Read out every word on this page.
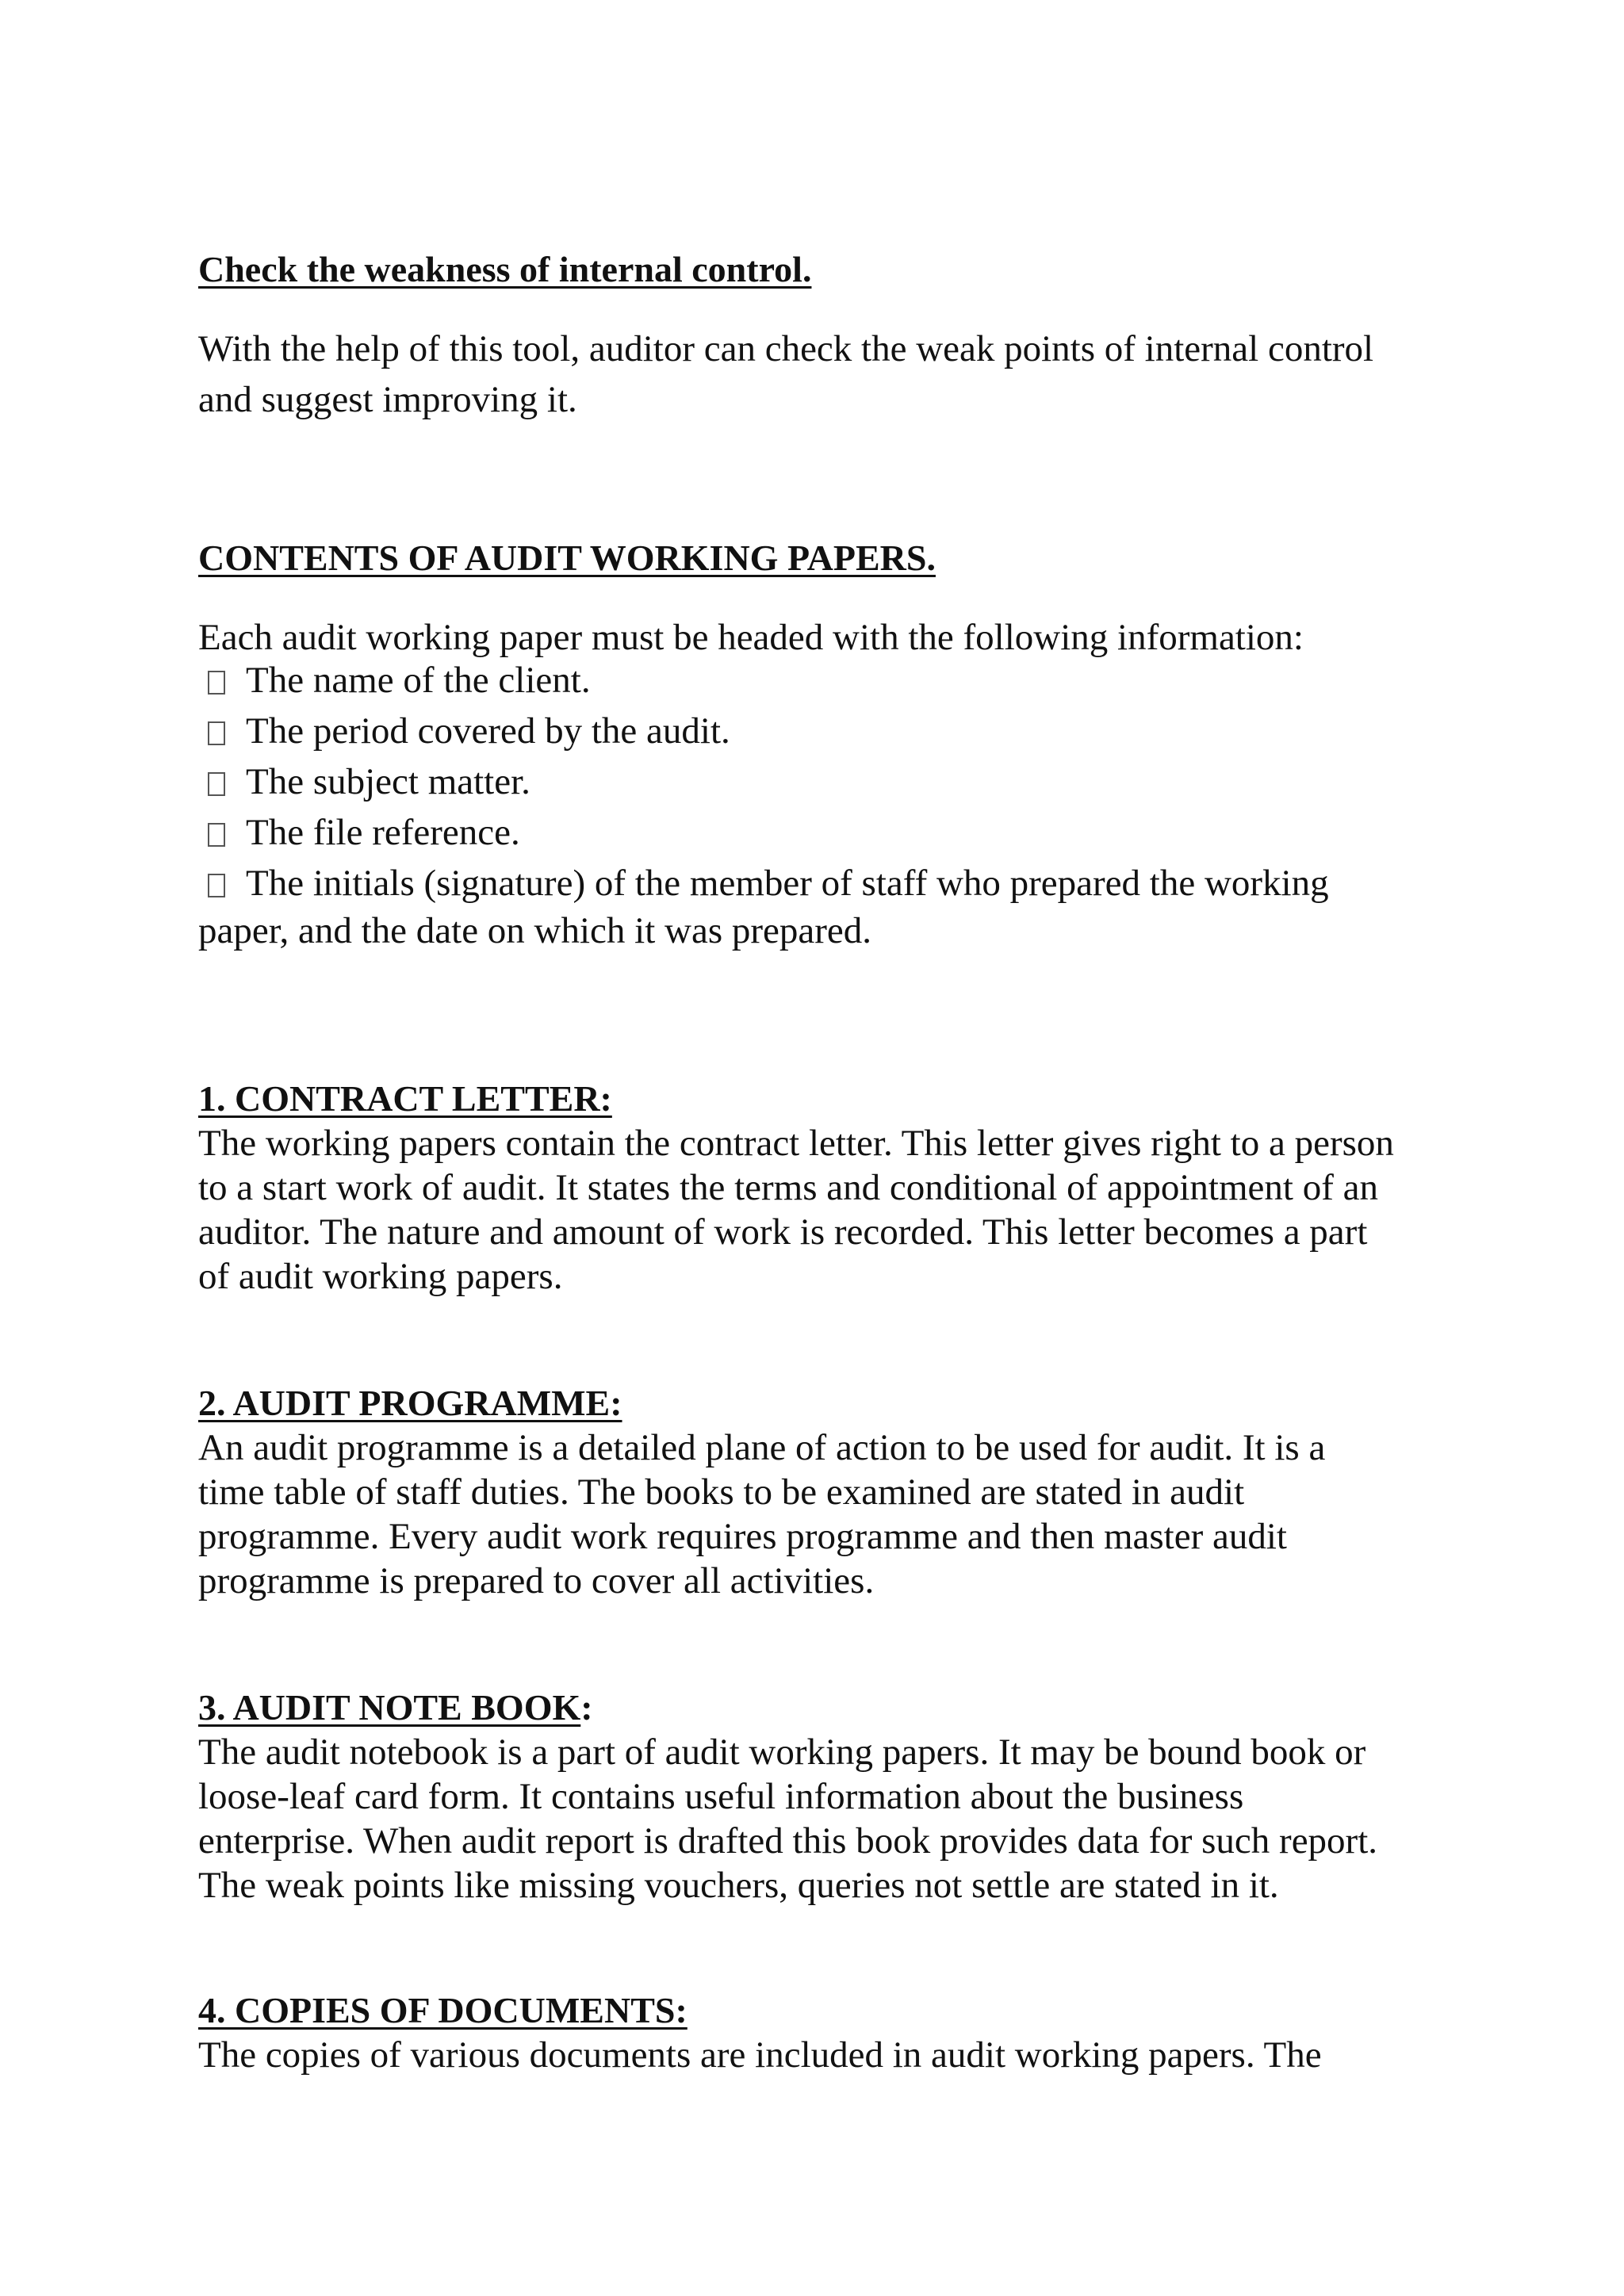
Check the weakness of internal control.
With the help of this tool, auditor can check the weak points of internal control
and suggest improving it.
CONTENTS OF AUDIT WORKING PAPERS.
Each audit working paper must be headed with the following information:
The name of the client.
The period covered by the audit.
The subject matter.
The file reference.
The initials (signature) of the member of staff who prepared the working
paper, and the date on which it was prepared.
1. CONTRACT LETTER:
The working papers contain the contract letter. This letter gives right to a person
to a start work of audit. It states the terms and conditional of appointment of an
auditor. The nature and amount of work is recorded. This letter becomes a part
of audit working papers.
2. AUDIT PROGRAMME:
An audit programme is a detailed plane of action to be used for audit. It is a
time table of staff duties. The books to be examined are stated in audit
programme. Every audit work requires programme and then master audit
programme is prepared to cover all activities.
3. AUDIT NOTE BOOK:
The audit notebook is a part of audit working papers. It may be bound book or
loose-leaf card form. It contains useful information about the business
enterprise. When audit report is drafted this book provides data for such report.
The weak points like missing vouchers, queries not settle are stated in it.
4. COPIES OF DOCUMENTS:
The copies of various documents are included in audit working papers. The
